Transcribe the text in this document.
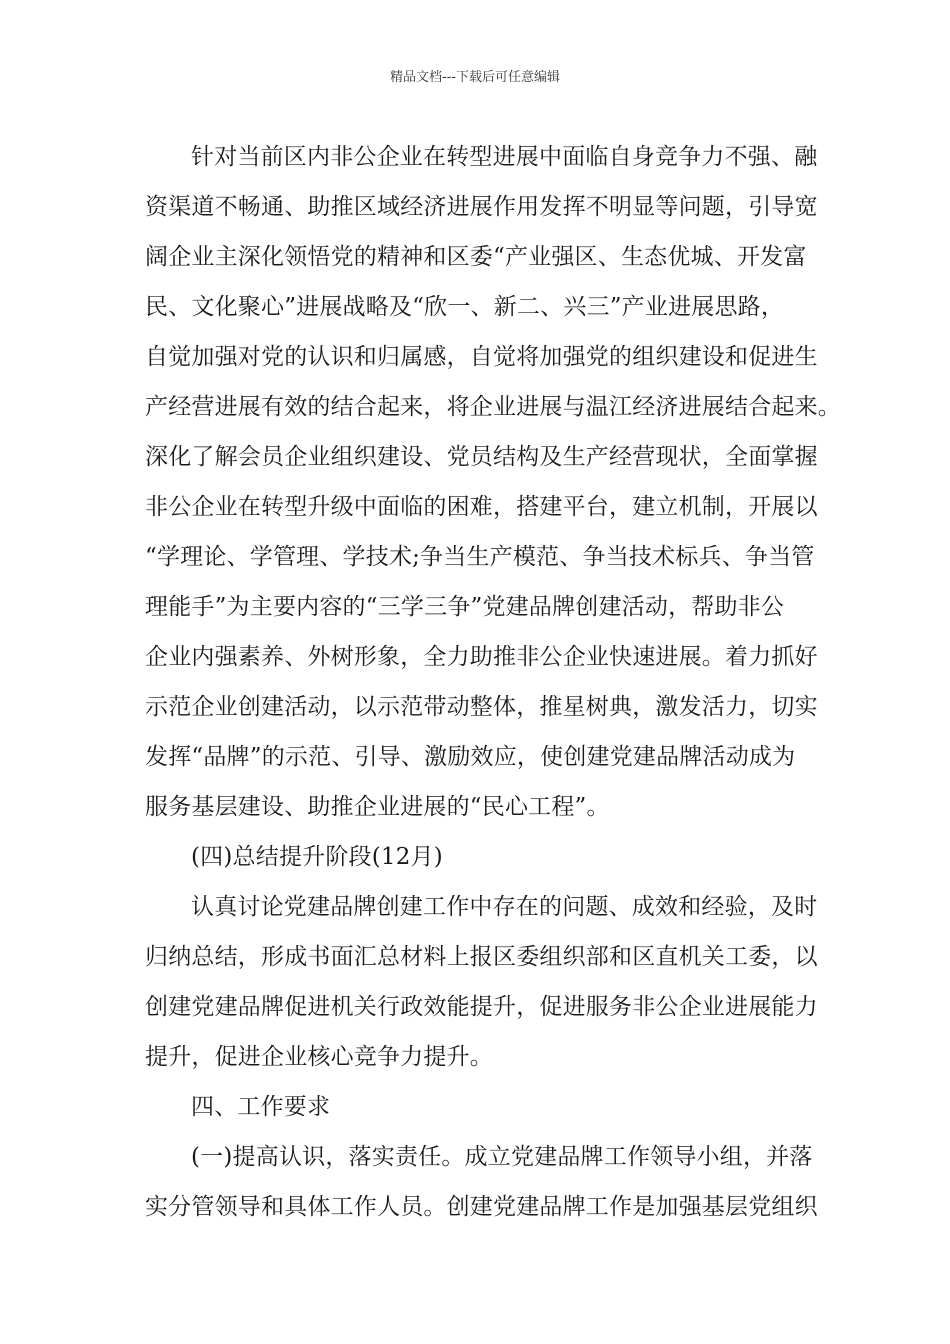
精品文档---下载后可任意编辑
针对当前区内非公企业在转型进展中面临自身竞争力不强、融
资渠道不畅通、助推区域经济进展作用发挥不明显等问题，引导宽
阔企业主深化领悟党的精神和区委“产业强区、生态优城、开发富
民、文化聚心”进展战略及“欣一、新二、兴三”产业进展思路，
自觉加强对党的认识和归属感，自觉将加强党的组织建设和促进生
产经营进展有效的结合起来，将企业进展与温江经济进展结合起来。
深化了解会员企业组织建设、党员结构及生产经营现状，全面掌握
非公企业在转型升级中面临的困难，搭建平台，建立机制，开展以
“学理论、学管理、学技术;争当生产模范、争当技术标兵、争当管
理能手”为主要内容的“三学三争”党建品牌创建活动，帮助非公
企业内强素养、外树形象，全力助推非公企业快速进展。着力抓好
示范企业创建活动，以示范带动整体，推星树典，激发活力，切实
发挥“品牌”的示范、引导、激励效应，使创建党建品牌活动成为
服务基层建设、助推企业进展的“民心工程”。
(四)总结提升阶段(12月)
认真讨论党建品牌创建工作中存在的问题、成效和经验，及时
归纳总结，形成书面汇总材料上报区委组织部和区直机关工委，以
创建党建品牌促进机关行政效能提升，促进服务非公企业进展能力
提升，促进企业核心竞争力提升。
四、工作要求
(一)提高认识，落实责任。成立党建品牌工作领导小组，并落
实分管领导和具体工作人员。创建党建品牌工作是加强基层党组织
